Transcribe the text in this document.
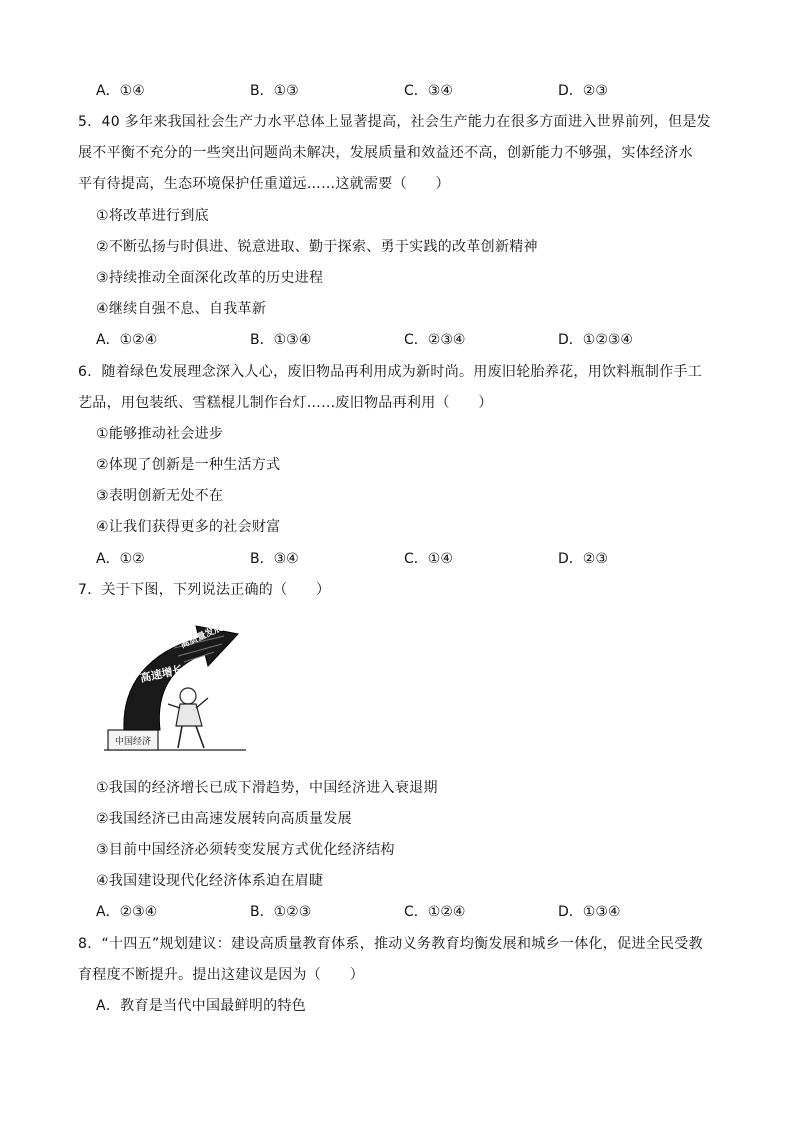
A．①④	B．①③	C．③④	D．②③
5．40 多年来我国社会生产力水平总体上显著提高，社会生产能力在很多方面进入世界前列，但是发
展不平衡不充分的一些突出问题尚未解决，发展质量和效益还不高，创新能力不够强，实体经济水
平有待提高，生态环境保护任重道远……这就需要（　　）
①将改革进行到底
②不断弘扬与时俱进、锐意进取、勤于探索、勇于实践的改革创新精神
③持续推动全面深化改革的历史进程
④继续自强不息、自我革新
A．①②④	B．①③④	C．②③④	D．①②③④
6．随着绿色发展理念深入人心，废旧物品再利用成为新时尚。用废旧轮胎养花，用饮料瓶制作手工
艺品，用包装纸、雪糕棍儿制作台灯……废旧物品再利用（　　）
①能够推动社会进步
②体现了创新是一种生活方式
③表明创新无处不在
④让我们获得更多的社会财富
A．①②	B．③④	C．①④	D．②③
7．关于下图，下列说法正确的（　　）
中国经济
高速增长
高质量发展
①我国的经济增长已成下滑趋势，中国经济进入衰退期
②我国经济已由高速发展转向高质量发展
③目前中国经济必须转变发展方式优化经济结构
④我国建设现代化经济体系迫在眉睫
A．②③④	B．①②③	C．①②④	D．①③④
8．“十四五”规划建议：建设高质量教育体系，推动义务教育均衡发展和城乡一体化，促进全民受教
育程度不断提升。提出这建议是因为（　　）
A．教育是当代中国最鲜明的特色
